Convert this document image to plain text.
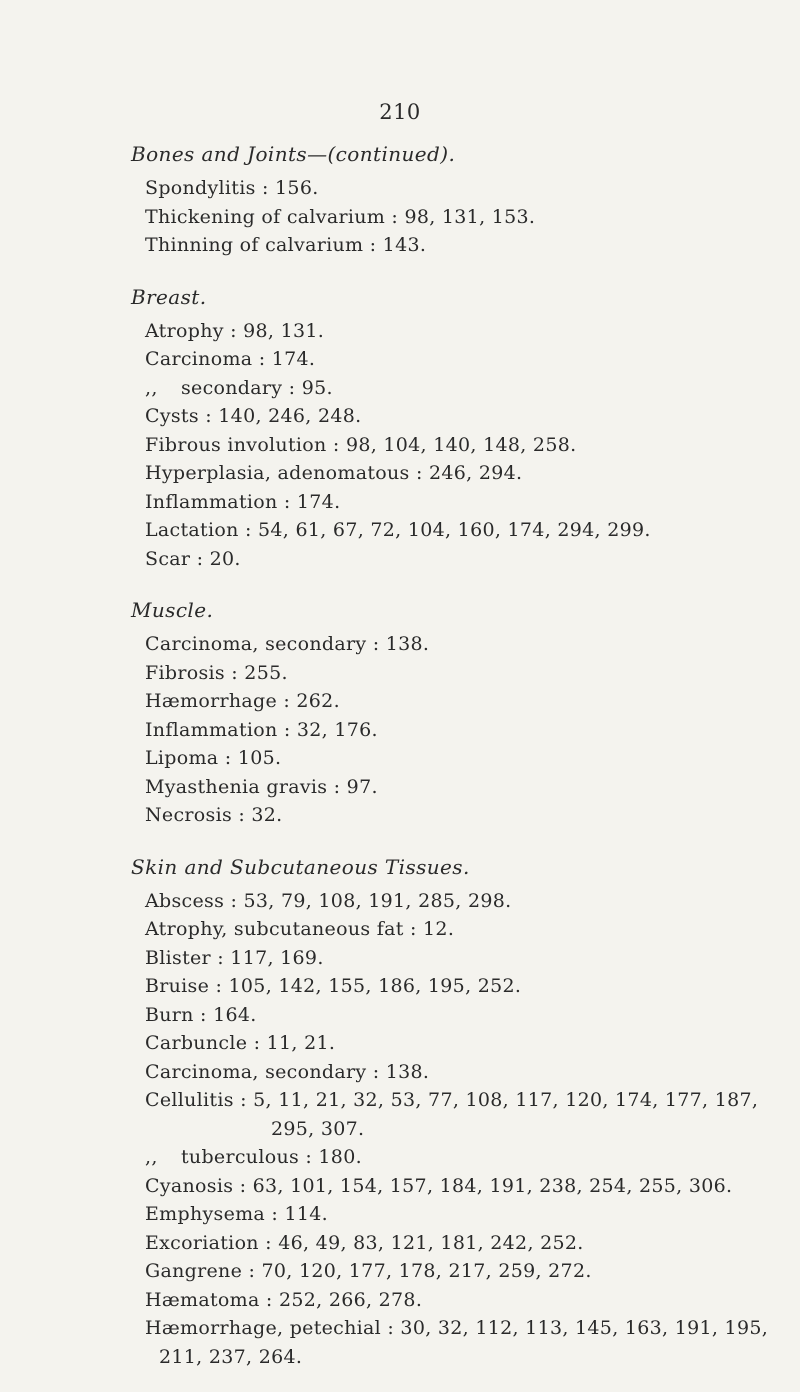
210
Bones and Joints—(continued).
Spondylitis : 156.
Thickening of calvarium : 98, 131, 153.
Thinning of calvarium : 143.
Breast.
Atrophy : 98, 131.
Carcinoma : 174.
,, secondary : 95.
Cysts : 140, 246, 248.
Fibrous involution : 98, 104, 140, 148, 258.
Hyperplasia, adenomatous : 246, 294.
Inflammation : 174.
Lactation : 54, 61, 67, 72, 104, 160, 174, 294, 299.
Scar : 20.
Muscle.
Carcinoma, secondary : 138.
Fibrosis : 255.
Hæmorrhage : 262.
Inflammation : 32, 176.
Lipoma : 105.
Myasthenia gravis : 97.
Necrosis : 32.
Skin and Subcutaneous Tissues.
Abscess : 53, 79, 108, 191, 285, 298.
Atrophy, subcutaneous fat : 12.
Blister : 117, 169.
Bruise : 105, 142, 155, 186, 195, 252.
Burn : 164.
Carbuncle : 11, 21.
Carcinoma, secondary : 138.
Cellulitis : 5, 11, 21, 32, 53, 77, 108, 117, 120, 174, 177, 187,
295, 307.
,, tuberculous : 180.
Cyanosis : 63, 101, 154, 157, 184, 191, 238, 254, 255, 306.
Emphysema : 114.
Excoriation : 46, 49, 83, 121, 181, 242, 252.
Gangrene : 70, 120, 177, 178, 217, 259, 272.
Hæmatoma : 252, 266, 278.
Hæmorrhage, petechial : 30, 32, 112, 113, 145, 163, 191, 195,
211, 237, 264.
